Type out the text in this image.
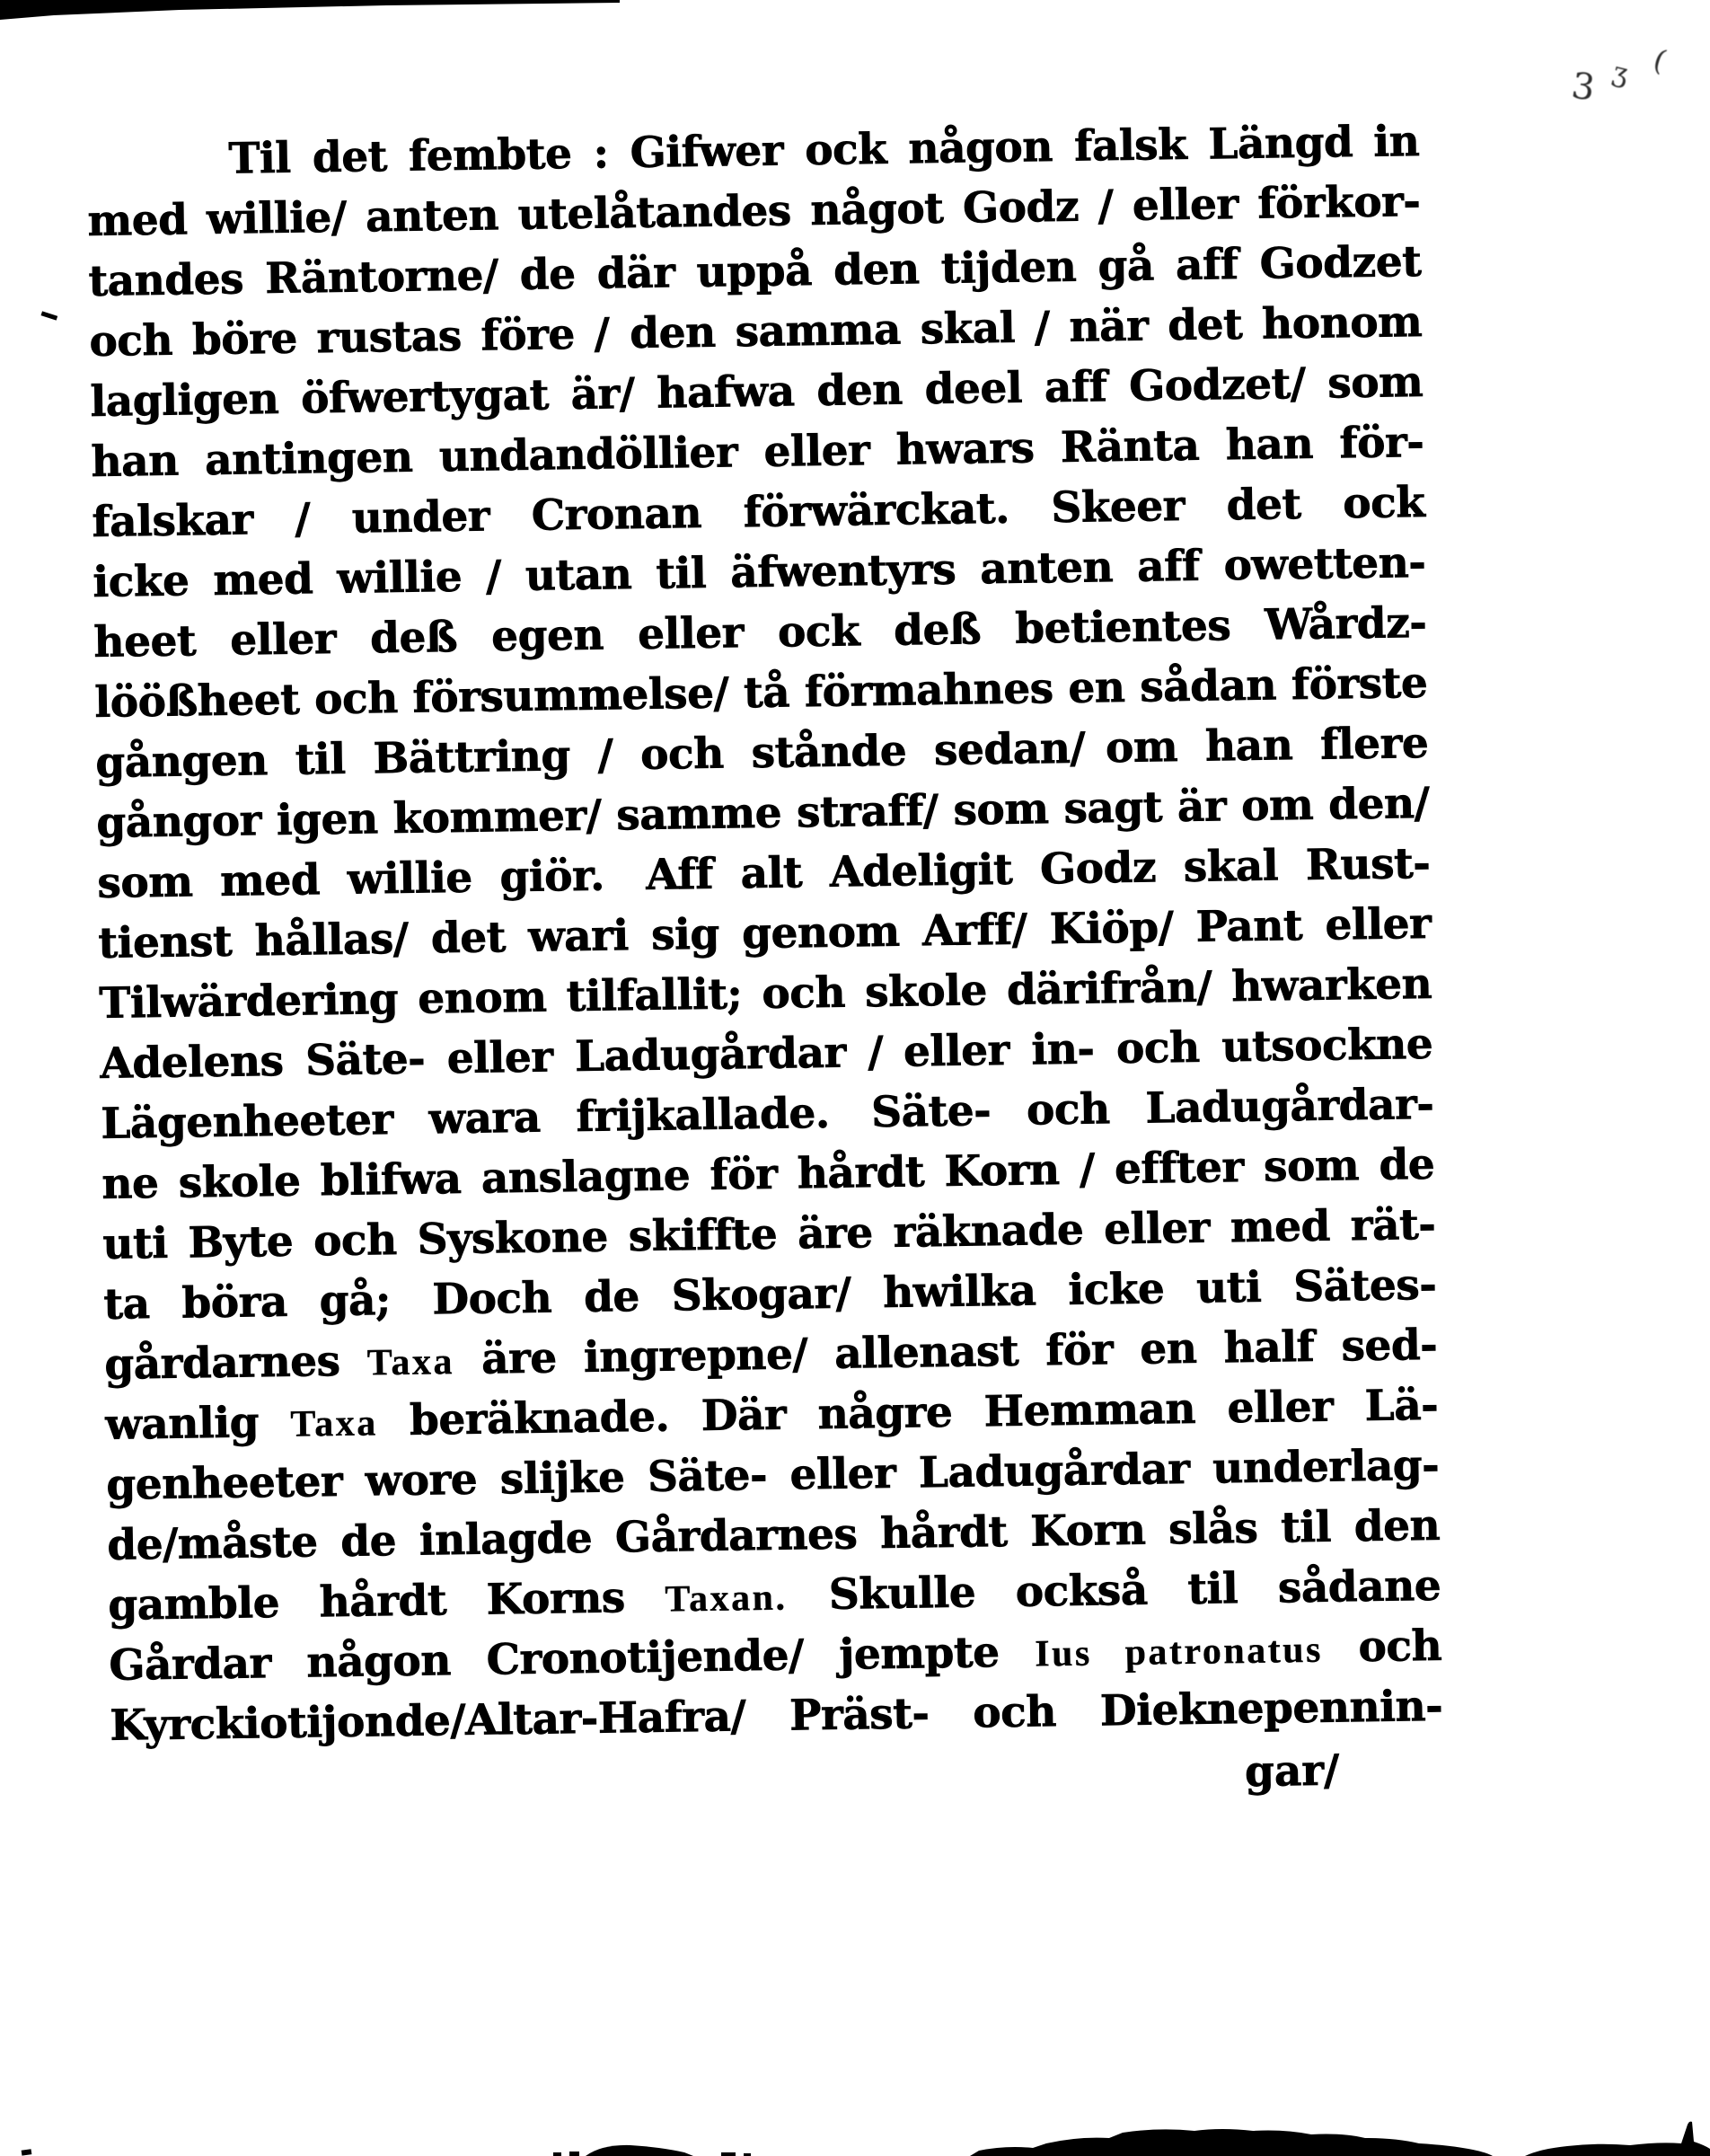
3 ʒ (
Til det fembte : Gifwer ock någon falsk Längd in
med willie/ anten utelåtandes något Godz / eller förkor-
tandes Räntorne/ de där uppå den tijden gå aff Godzet
och böre rustas före / den samma skal / när det honom
lagligen öfwertygat är/ hafwa den deel aff Godzet/ som
han antingen undandöllier eller hwars Ränta han för-
falskar / under Cronan förwärckat. Skeer det ock
icke med willie / utan til äfwentyrs anten aff owetten-
heet eller deß egen eller ock deß betientes Wårdz-
löößheet och försummelse/ tå förmahnes en sådan förste
gången til Bättring / och stånde sedan/ om han flere
gångor igen kommer/ samme straff/ som sagt är om den/
som med willie giör. Aff alt Adeligit Godz skal Rust-
tienst hållas/ det wari sig genom Arff/ Kiöp/ Pant eller
Tilwärdering enom tilfallit; och skole därifrån/ hwarken
Adelens Säte- eller Ladugårdar / eller in- och utsockne
Lägenheeter wara frijkallade. Säte- och Ladugårdar-
ne skole blifwa anslagne för hårdt Korn / effter som de
uti Byte och Syskone skiffte äre räknade eller med rät-
ta böra gå; Doch de Skogar/ hwilka icke uti Sätes-
gårdarnes Taxa äre ingrepne/ allenast för en half sed-
wanlig Taxa beräknade. Där någre Hemman eller Lä-
genheeter wore slijke Säte- eller Ladugårdar underlag-
de/måste de inlagde Gårdarnes hårdt Korn slås til den
gamble hårdt Korns Taxan. Skulle också til sådane
Gårdar någon Cronotijende/ jempte Ius patronatus och
Kyrckiotijonde/Altar-Hafra/ Präst- och Dieknepennin-
gar/
